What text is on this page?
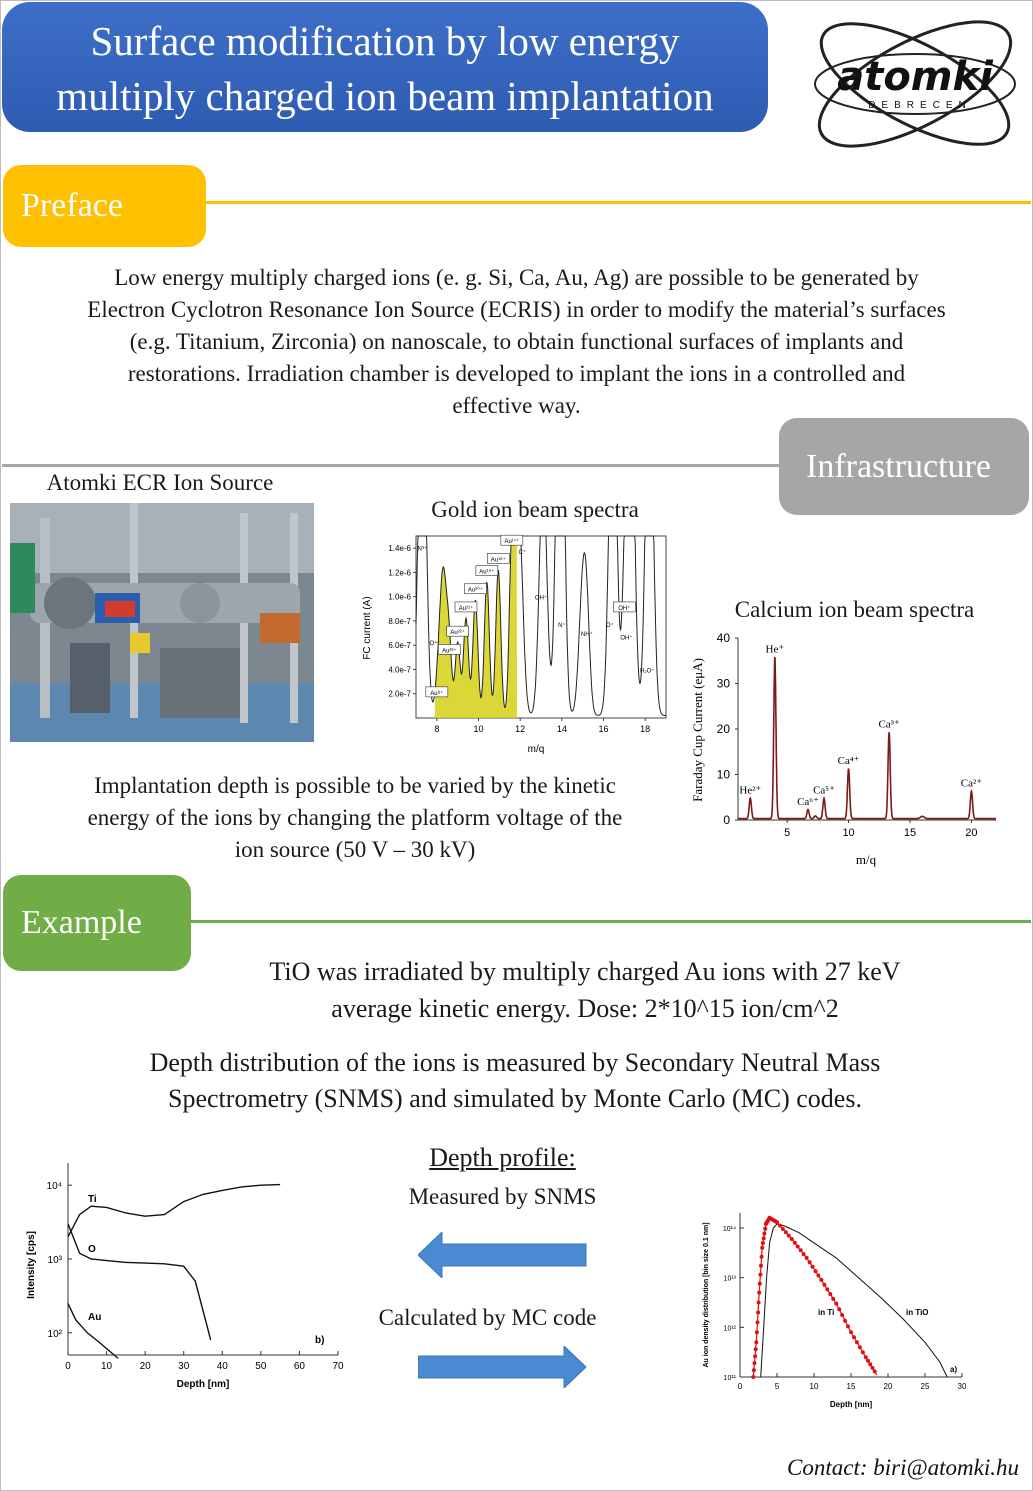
Surface modification by low energy
multiply charged ion beam implantation	atomki
DEBRECEN
Preface
Low energy multiply charged ions (e. g. Si, Ca, Au, Ag) are possible to be generated by
Electron Cyclotron Resonance Ion Source (ECRIS) in order to modify the material’s surfaces
(e.g. Titanium, Zirconia) on nanoscale, to obtain functional surfaces of implants and
restorations. Irradiation chamber is developed to implant the ions in a controlled and
effective way.
Infrastructure
Atomki ECR Ion Source
Gold ion beam spectra
2.0e-7
4.0e-7
6.0e-7
8.0e-7
1.0e-6
1.2e-6
1.4e-6
8	10	12	14	16	18
Au⁸⁺
Au²³⁺
Au²²⁺
Au²¹⁺
Au²⁰⁺
Au¹⁹⁺
Au¹⁸⁺
Au¹⁷⁺
OH⁺
N³⁺
O⁴⁺
C⁺
OH⁺
N⁺
NH⁺
O⁺
OH⁺
H₂O⁺
m/q
FC current (A)	Calcium ion beam spectra
0
10
20
30
40
5	10	15	20
He²⁺
He⁺
Ca⁶⁺
Ca⁵⁺
Ca⁴⁺
Ca³⁺
Ca²⁺
m/q
Faraday Cup Current (eμA)
Implantation depth is possible to be varied by the kinetic
energy of the ions by changing the platform voltage of the
ion source (50 V – 30 kV)
Example
TiO was irradiated by multiply charged Au ions with 27 keV
average kinetic energy. Dose: 2*10^15 ion/cm^2
Depth distribution of the ions is measured by Secondary Neutral Mass
Spectrometry (SNMS) and simulated by Monte Carlo (MC) codes.
10²
10³
10⁴
0	10	20	30	40	50	60	70
Ti
O
Au
b)
Depth [nm]
Intensity [cps]
Depth profile:
Measured by SNMS
Calculated by MC code
10¹¹
10¹²
10¹³
10¹⁴
0	5	10	15	20	25	30
in Ti	in TiO
a)
Depth [nm]
Au ion density distribution [bin size 0.1 nm]
Contact: biri@atomki.hu
